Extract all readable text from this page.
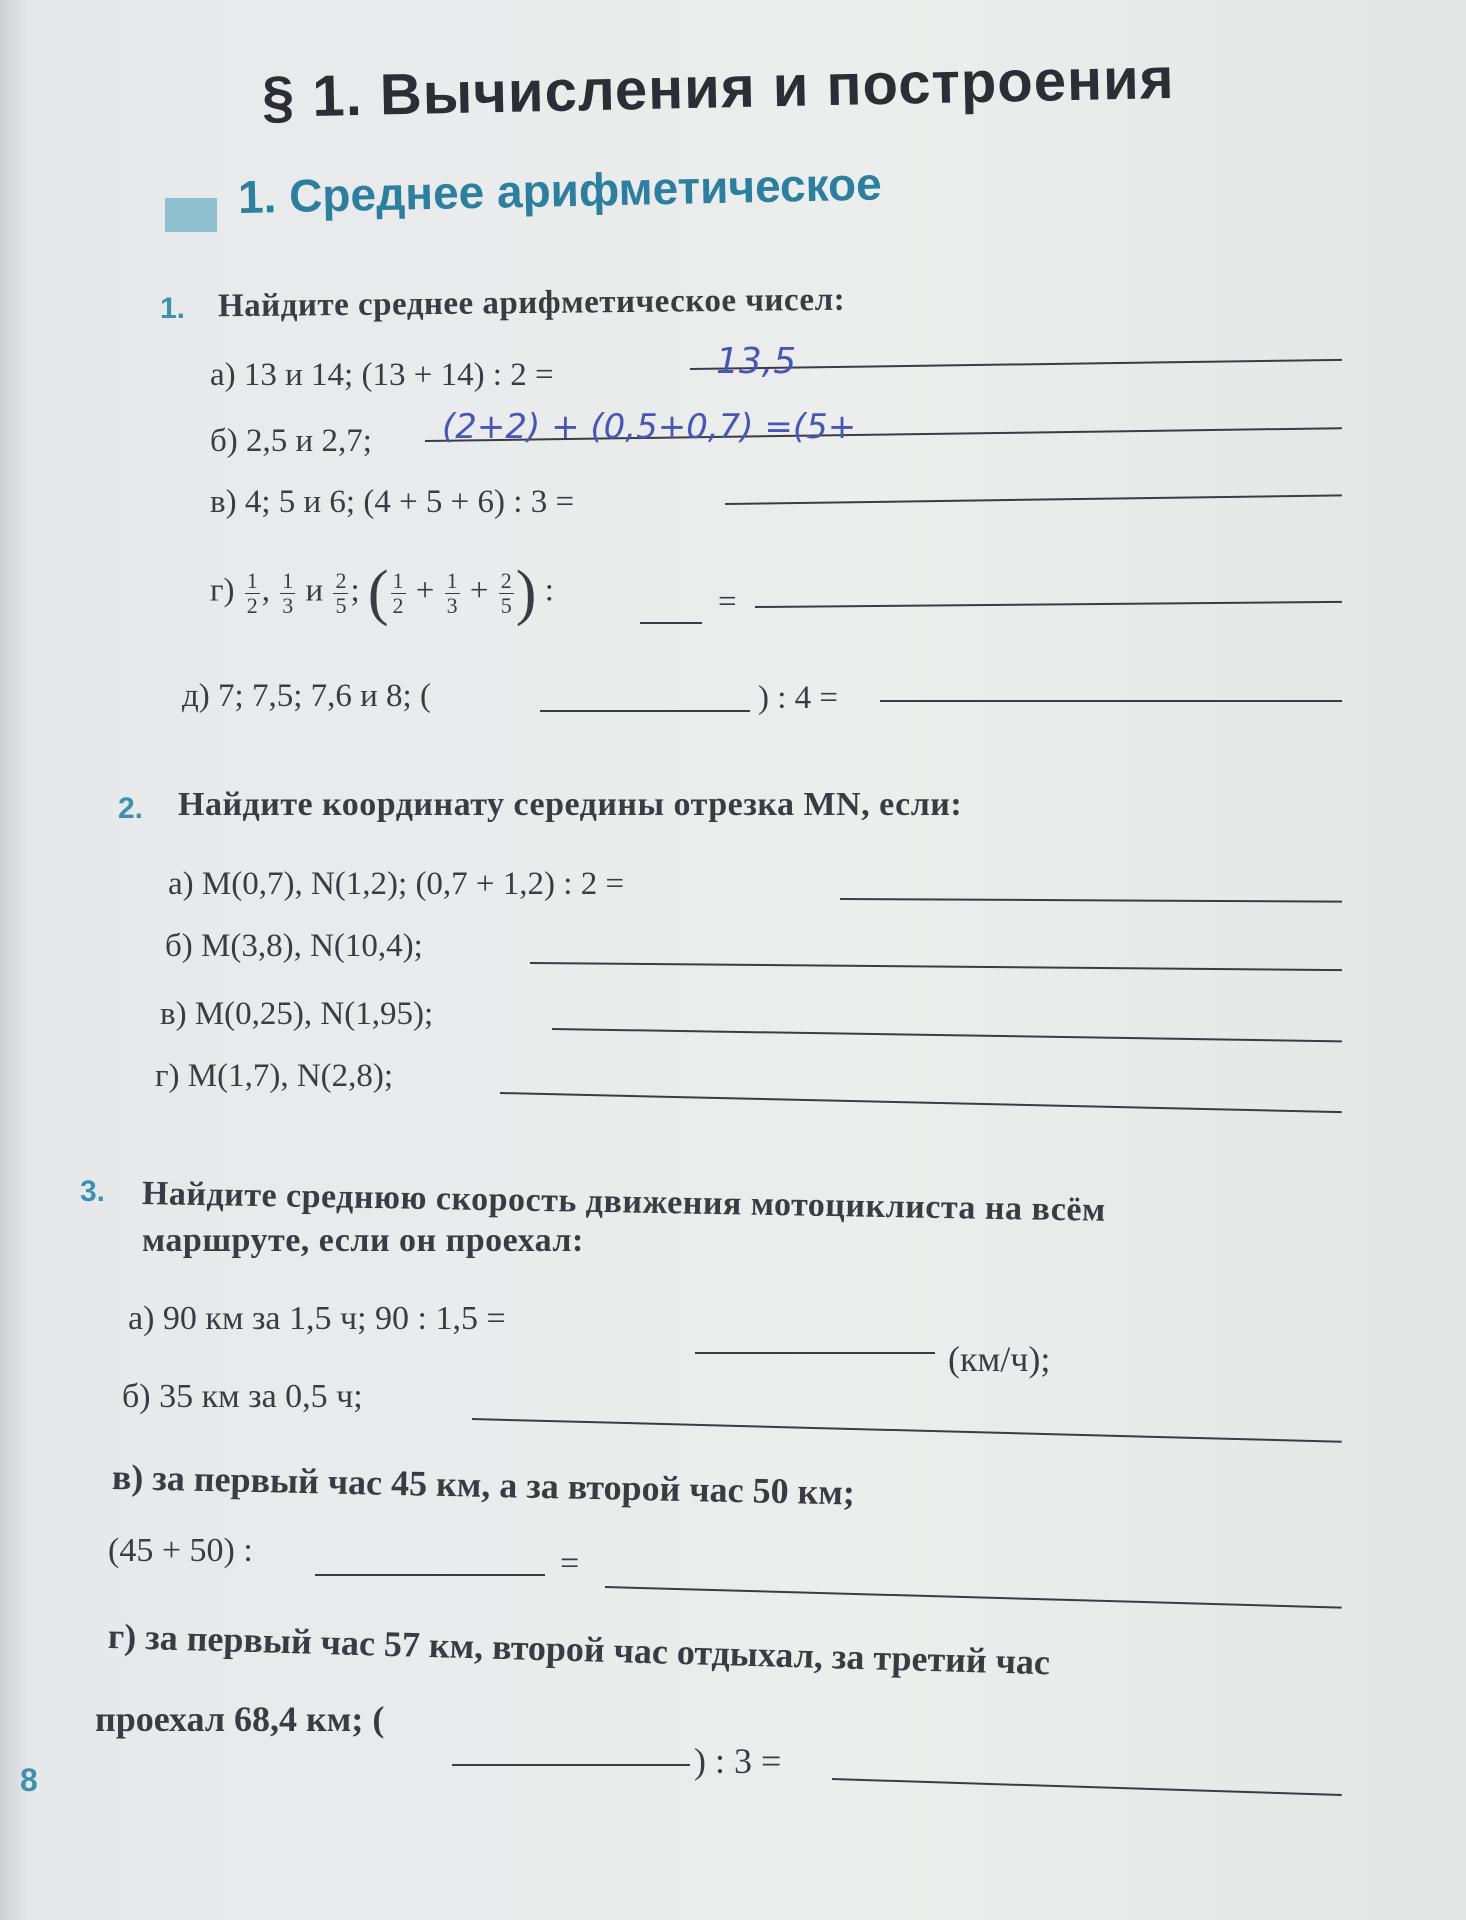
§ 1. Вычисления и построения
1. Среднее арифметическое
1. Найдите среднее арифметическое чисел:
а) 13 и 14; (13 + 14) : 2 =	13,5
б) 2,5 и 2,7; (2+2) + (0,5+0,7) =(5+
в) 4; 5 и 6; (4 + 5 + 6) : 3 =
$г) \frac{1}{2}$ , $\frac{1}{3}$ и $\frac{2}{5}$ ; ( $\frac{1}{2} + \frac{1}{3} + \frac{2}{5}$ ) :	=
д) 7; 7,5; 7,6 и 8; (	) : 4 =
2. Найдите координату середины отрезка MN, если:
а) M(0,7), N(1,2); (0,7 + 1,2) : 2 =
б) M(3,8), N(10,4);
в) M(0,25), N(1,95);
г) M(1,7), N(2,8);
3. Найдите среднюю скорость движения мотоциклиста на всём
маршруте, если он проехал:
а) 90 км за 1,5 ч; 90 : 1,5 =
(км/ч);
б) 35 км за 0,5 ч;
в) за первый час 45 км, а за второй час 50 км;
(45 + 50) :	=
г) за первый час 57 км, второй час отдыхал, за третий час
проехал 68,4 км; (
) : 3 =
8
